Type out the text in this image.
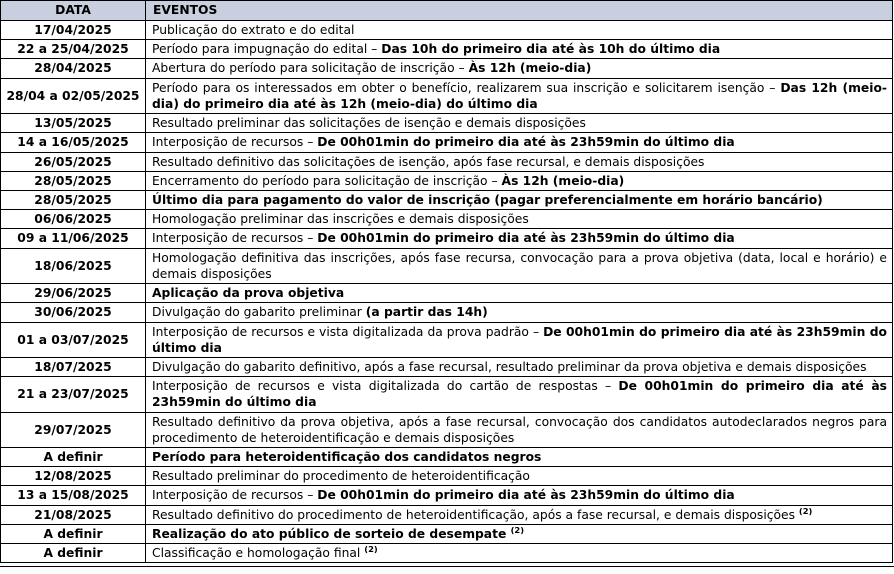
DATA	EVENTOS
17/04/2025	Publicação do extrato e do edital
22 a 25/04/2025	Período para impugnação do edital – Das 10h do primeiro dia até às 10h do último dia
28/04/2025	Abertura do período para solicitação de inscrição – Às 12h (meio-dia)
28/04 a 02/05/2025	Período para os interessados em obter o benefício, realizarem sua inscrição e solicitarem isenção – Das 12h (meio-dia) do primeiro dia até às 12h (meio-dia) do último dia
13/05/2025	Resultado preliminar das solicitações de isenção e demais disposições
14 a 16/05/2025	Interposição de recursos – De 00h01min do primeiro dia até às 23h59min do último dia
26/05/2025	Resultado definitivo das solicitações de isenção, após fase recursal, e demais disposições
28/05/2025	Encerramento do período para solicitação de inscrição – Às 12h (meio-dia)
28/05/2025	Último dia para pagamento do valor de inscrição (pagar preferencialmente em horário bancário)
06/06/2025	Homologação preliminar das inscrições e demais disposições
09 a 11/06/2025	Interposição de recursos – De 00h01min do primeiro dia até às 23h59min do último dia
18/06/2025	Homologação definitiva das inscrições, após fase recursa, convocação para a prova objetiva (data, local e horário) e demais disposições
29/06/2025	Aplicação da prova objetiva
30/06/2025	Divulgação do gabarito preliminar (a partir das 14h)
01 a 03/07/2025	Interposição de recursos e vista digitalizada da prova padrão – De 00h01min do primeiro dia até às 23h59min do último dia
18/07/2025	Divulgação do gabarito definitivo, após a fase recursal, resultado preliminar da prova objetiva e demais disposições
21 a 23/07/2025	Interposição de recursos e vista digitalizada do cartão de respostas – De 00h01min do primeiro dia até às 23h59min do último dia
29/07/2025	Resultado definitivo da prova objetiva, após a fase recursal, convocação dos candidatos autodeclarados negros para procedimento de heteroidentificação e demais disposições
A definir	Período para heteroidentificação dos candidatos negros
12/08/2025	Resultado preliminar do procedimento de heteroidentificação
13 a 15/08/2025	Interposição de recursos – De 00h01min do primeiro dia até às 23h59min do último dia
21/08/2025	Resultado definitivo do procedimento de heteroidentificação, após a fase recursal, e demais disposições $^{(2)}$
A definir	Realização do ato público de sorteio de desempate $^{(2)}$
A definir	Classificação e homologação final $^{(2)}$
